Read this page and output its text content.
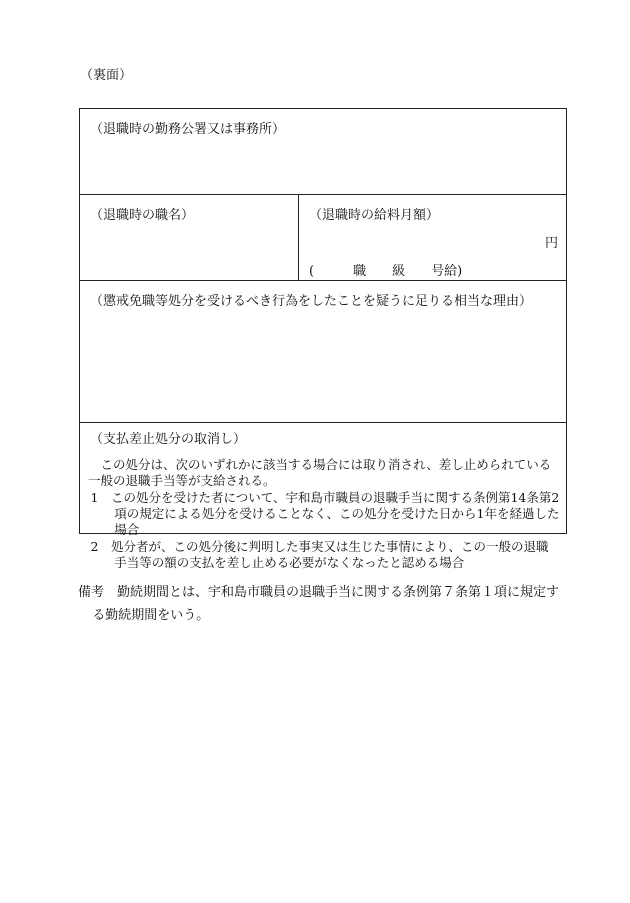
（裏面）
（退職時の勤務公署又は事務所）
（退職時の職名）	（退職時の給料月額）
円
(　　　職　　級　　号給)
（懲戒免職等処分を受けるべき行為をしたことを疑うに足りる相当な理由）
（支払差止処分の取消し）

この処分は、次のいずれかに該当する場合には取り消され、差し止められている一般の退職手当等が支給される。

1　この処分を受けた者について、宇和島市職員の退職手当に関する条例第14条第2項の規定による処分を受けることなく、この処分を受けた日から1年を経過した場合

2　処分者が、この処分後に判明した事実又は生じた事情により、この一般の退職手当等の額の支払を差し止める必要がなくなったと認める場合

備考　勤続期間とは、宇和島市職員の退職手当に関する条例第７条第１項に規定す
る勤続期間をいう。
